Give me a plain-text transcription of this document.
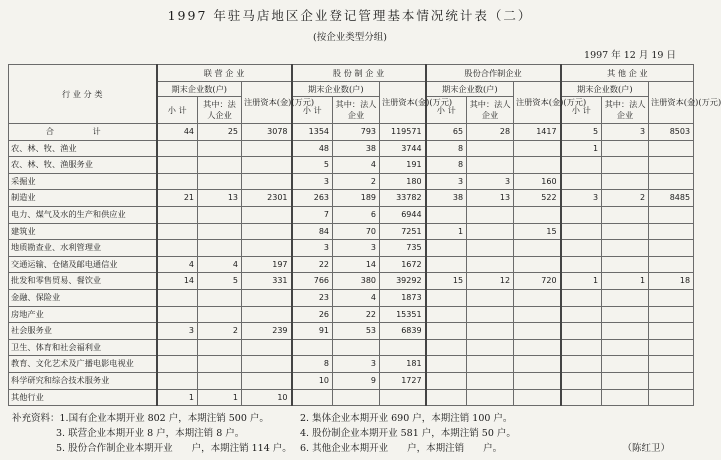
1997 年驻马店地区企业登记管理基本情况统计表（二）
(按企业类型分组)
1997 年 12 月 19 日
行 业 分 类	联 营 企 业			股 份 制 企 业			股份合作制企业			其 他 企 业		
	期末企业数(户)		注册资本(金)(万元)	期末企业数(户)		注册资本(金)(万元)	期末企业数(户)		注册资本(金)(万元)	期末企业数(户)		注册资本(金)(万元)
	小 计	其中：法人企业		小 计	其中：法人企业		小 计	其中：法人企业		小 计	其中：法人企业	
合 计	44	25	3078	1354	793	119571	65	28	1417	5	3	8503
农、林、牧、渔业				48	38	3744	8			1		
农、林、牧、渔服务业				5	4	191	8					
采掘业				3	2	180	3	3	160			
制造业	21	13	2301	263	189	33782	38	13	522	3	2	8485
电力、煤气及水的生产和供应业				7	6	6944						
建筑业				84	70	7251	1		15			
地质勘查业、水利管理业				3	3	735						
交通运输、仓储及邮电通信业	4	4	197	22	14	1672						
批发和零售贸易、餐饮业	14	5	331	766	380	39292	15	12	720	1	1	18
金融、保险业				23	4	1873						
房地产业				26	22	15351						
社会服务业	3	2	239	91	53	6839						
卫生、体育和社会福利业												
教育、文化艺术及广播电影电视业				8	3	181						
科学研究和综合技术服务业				10	9	1727						
其他行业	1	1	10									
补充资料：1.国有企业本期开业 802 户，本期注销 500 户。	2. 集体企业本期开业 690 户，本期注销 100 户。
3. 联营企业本期开业 8 户，本期注销 8 户。	4. 股份制企业本期开业 581 户，本期注销 50 户。
5. 股份合作制企业本期开业　　户，本期注销 114 户。 6. 其他企业本期开业　　户，本期注销　　户。	（陈红卫）
